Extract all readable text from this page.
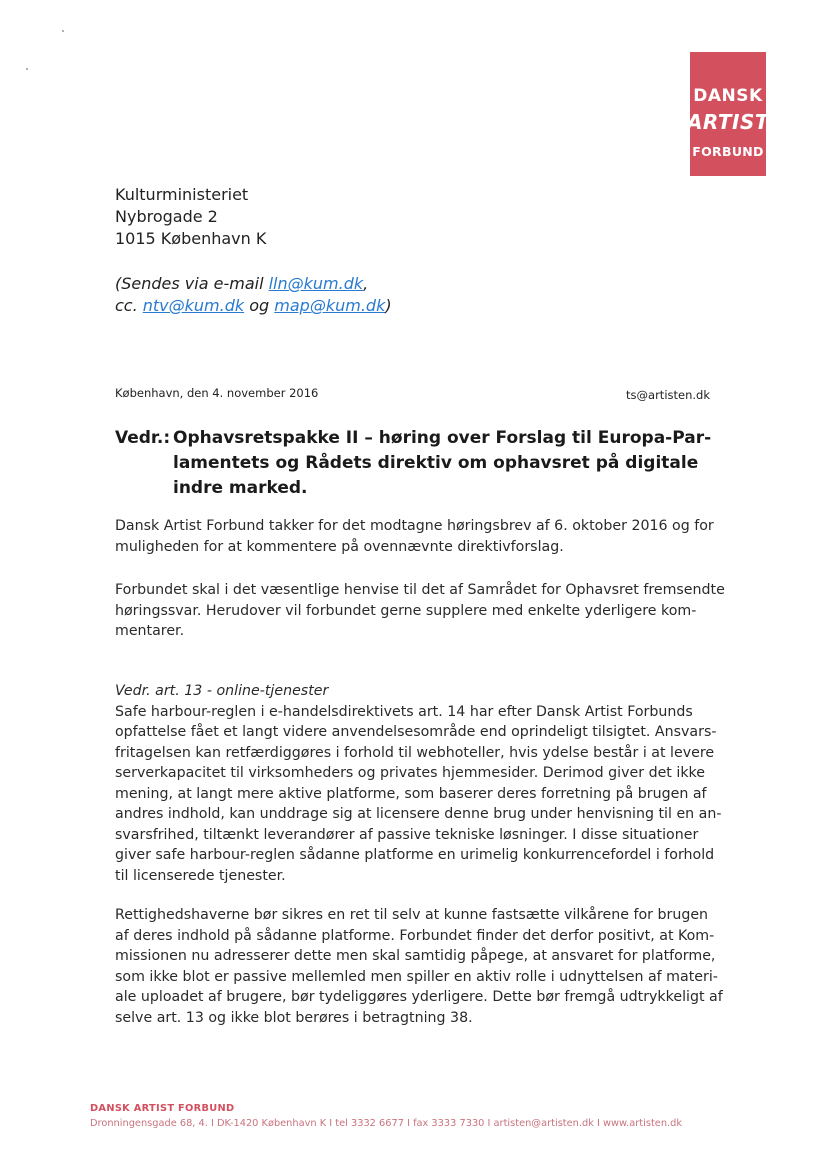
DANSK
ARTIST
FORBUND
Kulturministeriet
Nybrogade 2
1015 København K
(Sendes via e-mail lln@kum.dk,
cc. ntv@kum.dk og map@kum.dk)
København, den 4. november 2016	ts@artisten.dk
Vedr.: Ophavsretspakke II – høring over Forslag til Europa-Par-
lamentets og Rådets direktiv om ophavsret på digitale
indre marked.
Dansk Artist Forbund takker for det modtagne høringsbrev af 6. oktober 2016 og for
muligheden for at kommentere på ovennævnte direktivforslag.
Forbundet skal i det væsentlige henvise til det af Samrådet for Ophavsret fremsendte
høringssvar. Herudover vil forbundet gerne supplere med enkelte yderligere kom-
mentarer.
Vedr. art. 13 - online-tjenester
Safe harbour-reglen i e-handelsdirektivets art. 14 har efter Dansk Artist Forbunds
opfattelse fået et langt videre anvendelsesområde end oprindeligt tilsigtet. Ansvars-
fritagelsen kan retfærdiggøres i forhold til webhoteller, hvis ydelse består i at levere
serverkapacitet til virksomheders og privates hjemmesider. Derimod giver det ikke
mening, at langt mere aktive platforme, som baserer deres forretning på brugen af
andres indhold, kan unddrage sig at licensere denne brug under henvisning til en an-
svarsfrihed, tiltænkt leverandører af passive tekniske løsninger. I disse situationer
giver safe harbour-reglen sådanne platforme en urimelig konkurrencefordel i forhold
til licenserede tjenester.
Rettighedshaverne bør sikres en ret til selv at kunne fastsætte vilkårene for brugen
af deres indhold på sådanne platforme. Forbundet finder det derfor positivt, at Kom-
missionen nu adresserer dette men skal samtidig påpege, at ansvaret for platforme,
som ikke blot er passive mellemled men spiller en aktiv rolle i udnyttelsen af materi-
ale uploadet af brugere, bør tydeliggøres yderligere. Dette bør fremgå udtrykkeligt af
selve art. 13 og ikke blot berøres i betragtning 38.
DANSK ARTIST FORBUND
Dronningensgade 68, 4. I DK-1420 København K I tel 3332 6677 I fax 3333 7330 I artisten@artisten.dk I www.artisten.dk
